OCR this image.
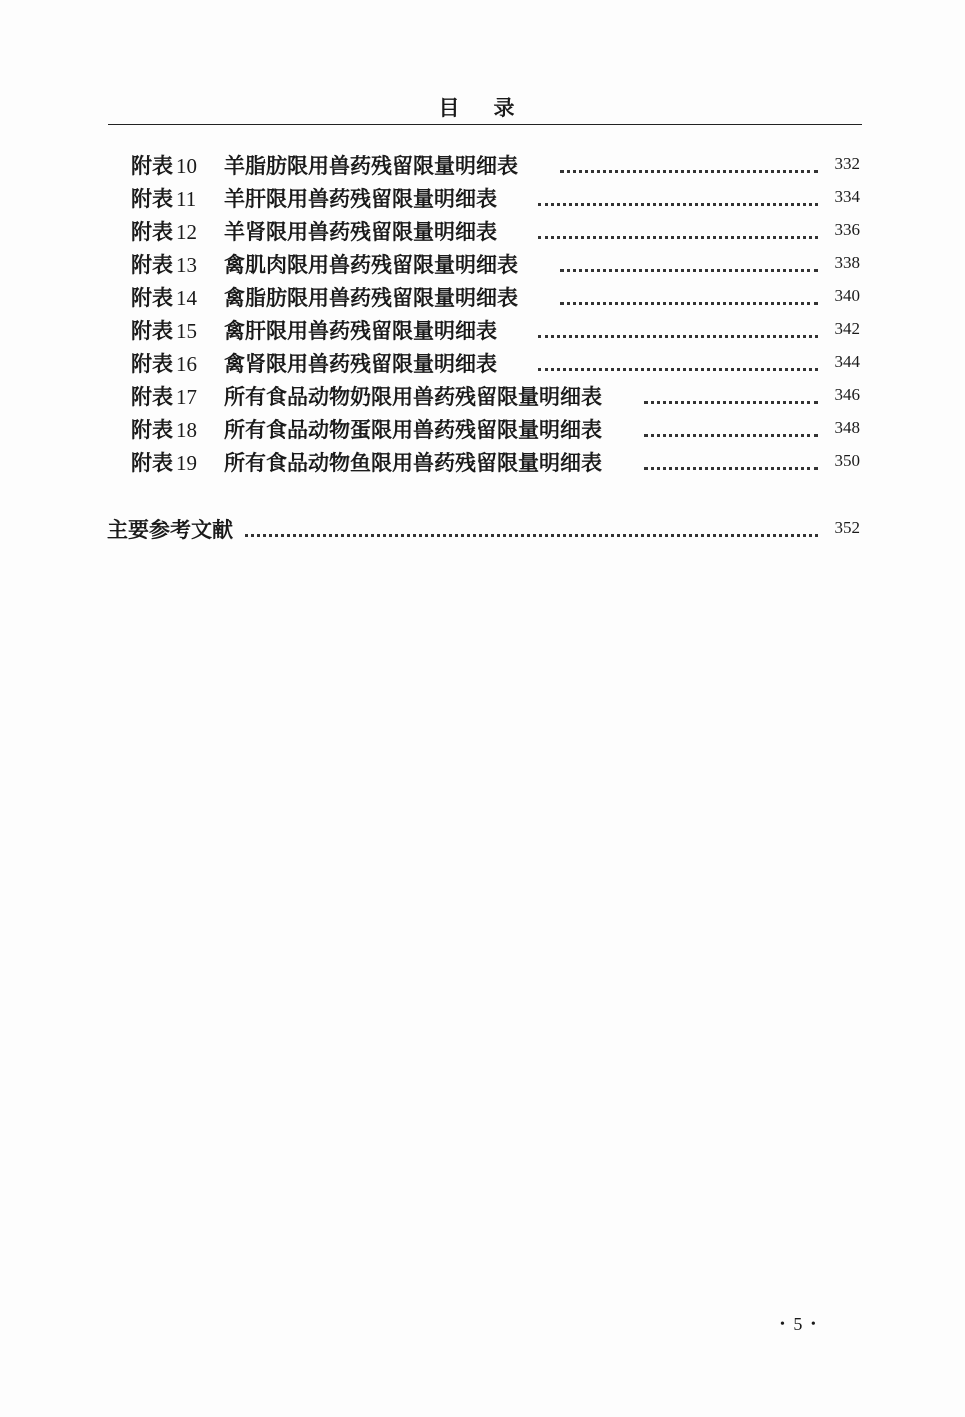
目录
附表 10 羊脂肪限用兽药残留限量明细表	332
附表 11 羊肝限用兽药残留限量明细表	334
附表 12 羊肾限用兽药残留限量明细表	336
附表 13 禽肌肉限用兽药残留限量明细表	338
附表 14 禽脂肪限用兽药残留限量明细表	340
附表 15 禽肝限用兽药残留限量明细表	342
附表 16 禽肾限用兽药残留限量明细表	344
附表 17 所有食品动物奶限用兽药残留限量明细表	346
附表 18 所有食品动物蛋限用兽药残留限量明细表	348
附表 19 所有食品动物鱼限用兽药残留限量明细表	350
主要参考文献	352
• 5 •
